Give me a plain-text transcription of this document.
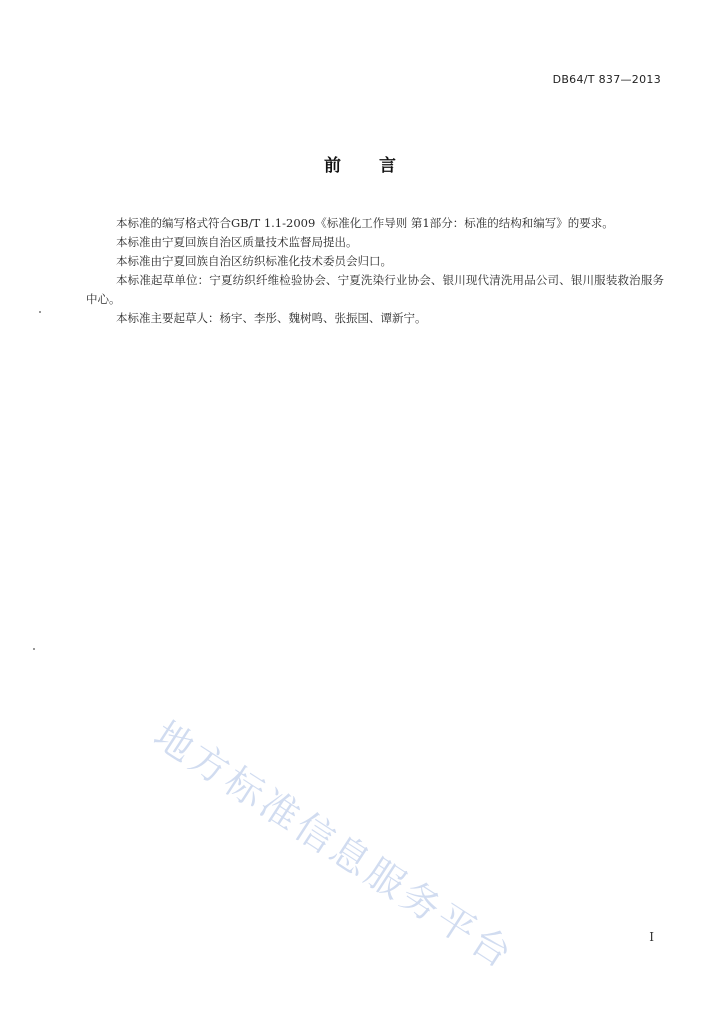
DB64/T 837—2013
前言

本标准的编写格式符合GB/T 1.1-2009《标准化工作导则 第1部分：标准的结构和编写》的要求。

本标准由宁夏回族自治区质量技术监督局提出。

本标准由宁夏回族自治区纺织标准化技术委员会归口。

本标准起草单位：宁夏纺织纤维检验协会、宁夏洗染行业协会、银川现代清洗用品公司、银川服装救治服务中心。

本标准主要起草人：杨宇、李彤、魏树鸣、张振国、谭新宁。

地方标准信息服务平台	I
